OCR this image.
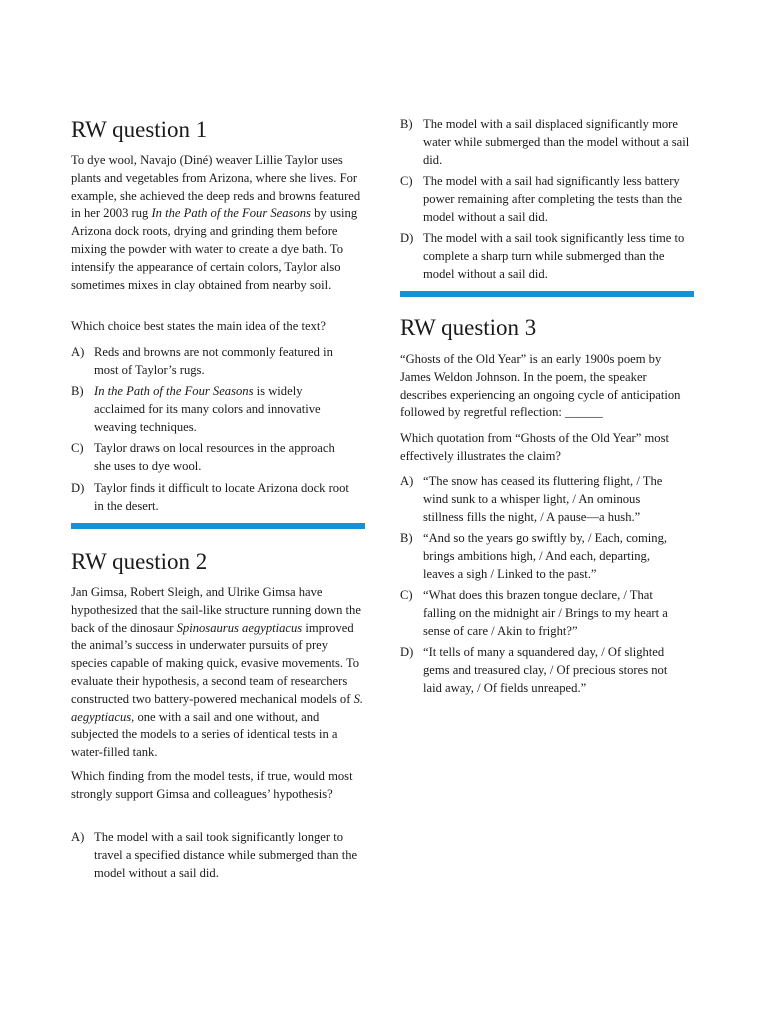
RW question 1

To dye wool, Navajo (Diné) weaver Lillie Taylor uses plants and vegetables from Arizona, where she lives. For example, she achieved the deep reds and browns featured in her 2003 rug In the Path of the Four Seasons by using Arizona dock roots, drying and grinding them before mixing the powder with water to create a dye bath. To intensify the appearance of certain colors, Taylor also sometimes mixes in clay obtained from nearby soil.

Which choice best states the main idea of the text?

A) Reds and browns are not commonly featured in most of Taylor’s rugs.
B) In the Path of the Four Seasons is widely acclaimed for its many colors and innovative weaving techniques.
C) Taylor draws on local resources in the approach she uses to dye wool.
D) Taylor finds it difficult to locate Arizona dock root in the desert.
RW question 2

Jan Gimsa, Robert Sleigh, and Ulrike Gimsa have hypothesized that the sail-like structure running down the back of the dinosaur Spinosaurus aegyptiacus improved the animal’s success in underwater pursuits of prey species capable of making quick, evasive movements. To evaluate their hypothesis, a second team of researchers constructed two battery-powered mechanical models of S. aegyptiacus, one with a sail and one without, and subjected the models to a series of identical tests in a water-filled tank.

Which finding from the model tests, if true, would most strongly support Gimsa and colleagues’ hypothesis?

A) The model with a sail took significantly longer to travel a specified distance while submerged than the model without a sail did.
B) The model with a sail displaced significantly more water while submerged than the model without a sail did.
C) The model with a sail had significantly less battery power remaining after completing the tests than the model without a sail did.
D) The model with a sail took significantly less time to complete a sharp turn while submerged than the model without a sail did.
RW question 3

“Ghosts of the Old Year” is an early 1900s poem by James Weldon Johnson. In the poem, the speaker describes experiencing an ongoing cycle of anticipation followed by regretful reflection: ______

Which quotation from “Ghosts of the Old Year” most effectively illustrates the claim?

A) “The snow has ceased its fluttering flight, / The wind sunk to a whisper light, / An ominous stillness fills the night, / A pause—a hush.”
B) “And so the years go swiftly by, / Each, coming, brings ambitions high, / And each, departing, leaves a sigh / Linked to the past.”
C) “What does this brazen tongue declare, / That falling on the midnight air / Brings to my heart a sense of care / Akin to fright?”
D) “It tells of many a squandered day, / Of slighted gems and treasured clay, / Of precious stores not laid away, / Of fields unreaped.”
